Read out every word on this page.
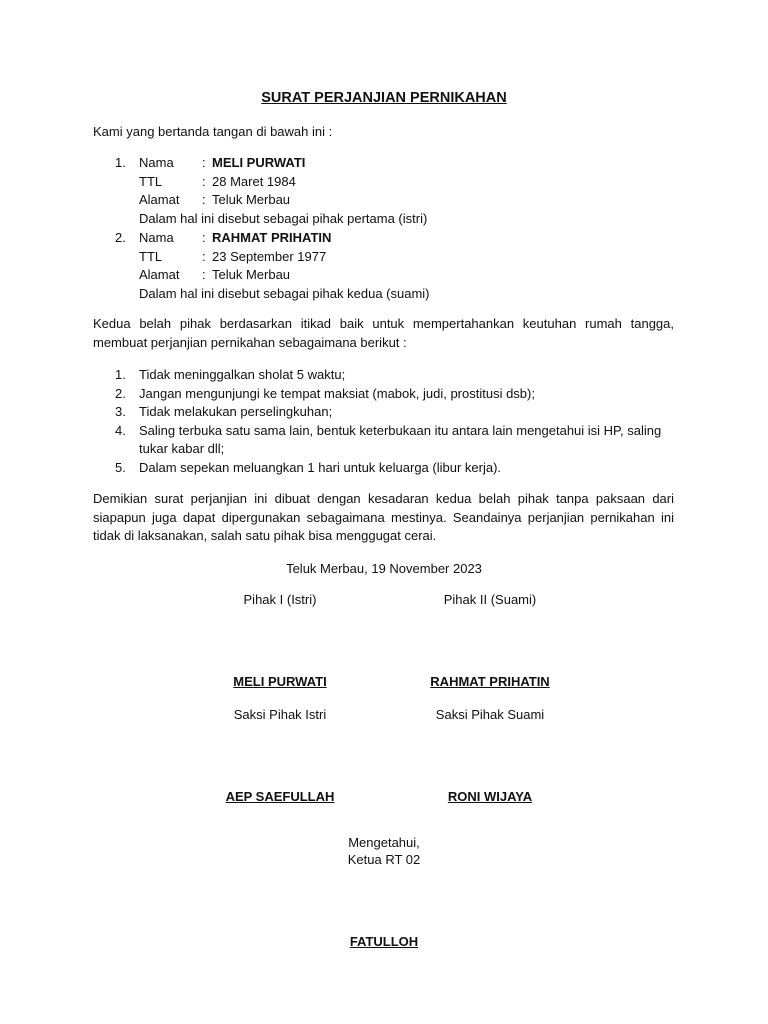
SURAT PERJANJIAN PERNIKAHAN
Kami yang bertanda tangan di bawah ini :
1. Nama : MELI PURWATI
TTL	: 28 Maret 1984
Alamat : Teluk Merbau
Dalam hal ini disebut sebagai pihak pertama (istri)
2. Nama : RAHMAT PRIHATIN
TTL	: 23 September 1977
Alamat : Teluk Merbau
Dalam hal ini disebut sebagai pihak kedua (suami)
Kedua belah pihak berdasarkan itikad baik untuk mempertahankan keutuhan rumah tangga, membuat perjanjian pernikahan sebagaimana berikut :
1. Tidak meninggalkan sholat 5 waktu;
2. Jangan mengunjungi ke tempat maksiat (mabok, judi, prostitusi dsb);
3. Tidak melakukan perselingkuhan;
4. Saling terbuka satu sama lain, bentuk keterbukaan itu antara lain mengetahui isi HP, saling tukar kabar dll;
5. Dalam sepekan meluangkan 1 hari untuk keluarga (libur kerja).
Demikian surat perjanjian ini dibuat dengan kesadaran kedua belah pihak tanpa paksaan dari siapapun juga dapat dipergunakan sebagaimana mestinya. Seandainya perjanjian pernikahan ini tidak di laksanakan, salah satu pihak bisa menggugat cerai.
Teluk Merbau, 19 November 2023
Pihak I (Istri)	Pihak II (Suami)
MELI PURWATI	RAHMAT PRIHATIN
Saksi Pihak Istri	Saksi Pihak Suami
AEP SAEFULLAH	RONI WIJAYA
Mengetahui,
Ketua RT 02
FATULLOH
